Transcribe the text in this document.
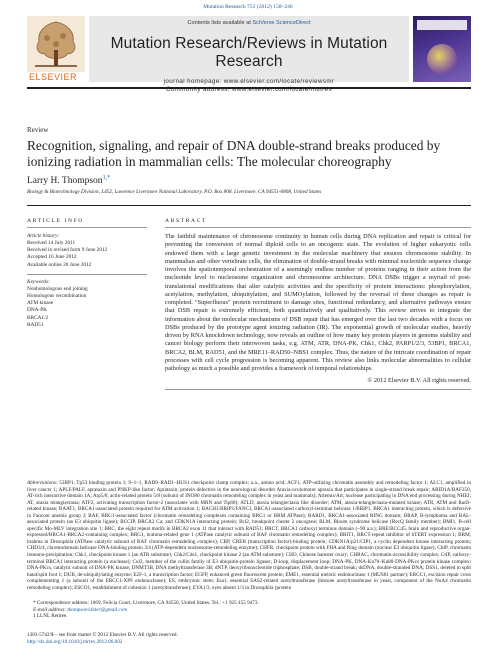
Mutation Research 751 (2012) 158–246
ELSEVIER
Contents lists available at SciVerse ScienceDirect
Mutation Research/Reviews in Mutation Research
journal homepage: www.elsevier.com/locate/reviewsmr
Community address: www.elsevier.com/locate/mutres
Review
Recognition, signaling, and repair of DNA double-strand breaks produced by ionizing radiation in mammalian cells: The molecular choreography
Larry H. Thompson$^{1,*}$
Biology & Biotechnology Division, L452, Lawrence Livermore National Laboratory, P.O. Box 808, Livermore, CA 94551-0808, United States
ARTICLE INFO
Article history:
Received 14 July 2011
Received in revised form 9 June 2012
Accepted 16 June 2012
Available online 26 June 2012
Keywords:
Nonhomologous end joining
Homologous recombination
ATM kinase
DNA-PK
BRCA1/2
RAD51
ABSTRACT
The faithful maintenance of chromosome continuity in human cells during DNA replication and repair is critical for preventing the conversion of normal diploid cells to an oncogenic state. The evolution of higher eukaryotic cells endowed them with a large genetic investment in the molecular machinery that ensures chromosome stability. In mammalian and other vertebrate cells, the elimination of double-strand breaks with minimal nucleotide sequence change involves the spatiotemporal orchestration of a seemingly endless number of proteins ranging in their action from the nucleotide level to nucleosome organization and chromosome architecture. DNA DSBs trigger a myriad of post-translational modifications that alter catalytic activities and the specificity of protein interactions: phosphorylation, acetylation, methylation, ubiquitylation, and SUMOylation, followed by the reversal of these changes as repair is completed. "Superfluous" protein recruitment to damage sites, functional redundancy, and alternative pathways ensure that DSB repair is extremely efficient, both quantitatively and qualitatively. This review strives to integrate the information about the molecular mechanisms of DSB repair that has emerged over the last two decades with a focus on DSBs produced by the prototype agent ionizing radiation (IR). The exponential growth of molecular studies, heavily driven by RNA knockdown technology, now reveals an outline of how many key protein players in genome stability and cancer biology perform their interwoven tasks, e.g. ATM, ATR, DNA-PK, Chk1, Chk2, PARP1/2/3, 53BP1, BRCA1, BRCA2, BLM, RAD51, and the MRE11–RAD50–NBS1 complex. Thus, the nature of the intricate coordination of repair processes with cell cycle progression is becoming apparent. This review also links molecular abnormalities to cellular pathology as much a possible and provides a framework of temporal relationships.
© 2012 Elsevier B.V. All rights reserved.
Abbreviations: 53BP1, Tp53 binding protein 1; 9–1–1, RAD9–RAD1–HUS1 checkpoint clamp complex; a.a., amino acid; ACF1, ATP-utilizing chromatin assembly and remodeling factor 1; ALC1, amplified in liver cancer 1; APLF/PALF, aprataxin and PNKP-like factor; Aprataxin, protein defective in the neurological disorder Ataxia-oculomotor apraxia that participates in single-strand break repair; ARID1A/BAF250, AT-rich interactive domain 1A; Arp5/8, actin-related protein 5/8 (subunit of INO80 chromatin remodeling complex in yeast and mammals); Artemis/Art, nuclease participating in DNA end processing during NHEJ; AT, ataxia telangiectasia; ATF2, activating transcription factor-2 (associates with MRN and Tip60); ATLD, ataxia telangiectasia like disorder; ATM, ataxia-telangiectasia-mutated kinase; ATR, ATM and Rad3-related kinase; BAAT1, BRCA1-associated protein required for ATM activation 1; BACH1/BRIP1/FANCJ, BRCA1-associated carboxyl-terminal helicase 1/BRIP1, BRCA1 interacting protein, which is defective in Fanconi anemia group J; BAF, BRG1-associated factor (chromatin remodeling complexes containing BRG1 or BRM ATPase); BARD1, BRCA1-associated RING domain; BRAP, B-lymphoma and BAL-associated protein (an E3 ubiquitin ligase); BCCIP, BRCA2 Ca; and CDKN1A interacting protein; Bcl2, breakpoint cluster 2 oncogene; BLM, Bloom syndrome helicase (RecQ family member); BMI1, B-cell specific Mo-MLV integration site 1; BRC, the eight repeat motifs in BRCA2 exon 11 that interact with RAD51; BRCT, BRCA1 carboxyl terminus domain (~90 a.a.); BRE/BCC45, brain and reproductive organ-expressed/BRCA1-BRCA2-containing complex; BRG1, brahma-related gene 1 (ATPase catalytic subunit of BAF chromatin remodeling complex); BRIT1, BRCT-repeat inhibitor of hTERT expression 1; BRM, brahma in Drosophila (ATPase catalytic subunit of BAF chromatin remodeling complex); CBP, CREB (transcription factor)-binding protein; CDKN1A/p21/CIP1, a cyclin dependent kinase interacting protein; CHD3/4, chromodomain helicase DNA-binding protein 3/4 (ATP-dependent nucleosome-remodeling enzyme); CHFR, checkpoint protein with FHA and Ring domain (nuclear E3 ubiquitin ligase); ChIP, chromatin immuno-precipitation; Chk1, checkpoint kinase 1 (an ATR substrate); Chk2/Cds1, checkpoint kinase 2 (an ATM substrate); CHO, Chinese hamster ovary; CHRAC, chromatin-accessibility complex; CtIP, carboxy-terminal BRCA1 interacting protein (a nuclease); Cul3, member of the cullin family of E3 ubiquitin-protein ligases; D-loop, displacement loop; DNA-PK, DNA-Ku70–Ku80-DNA-PKcs protein kinase complex; DNA-PKcs, catalytic subunit of DNA-PK kinase; DNMT3B, DNA methyltransferase 3B; dNTP, deoxyribonucleotide triphosphate; DSB, double-strand break; dsDNA, double-stranded DNA; DSS1, deleted in split hand/split foot 1; DUB, de-ubiquitylating enzyme; E2F-1, a transcription factor; EGFP, enhanced green fluorescent protein; EME1, essential meiotic endonuclease 1 (MUS81 partner); ERCC1, excision repair cross complementing 1 (a subunit of the ERCC1-XPF endonuclease); ES, embryonic stem; Esa1, essential SAS2-related acetyltransferase (histone acetyltransferase in yeast, component of the NuA4 chromatin remodeling complex); ESCO1, establishment of cohesion 1 (acetyltransferase); EYA1/3, eyes absent 1/3 in Drosophila (protein
* Correspondence address: 1069, Felicia Court, Livermore, CA 94550, United States. Tel.: +1 925 455 9473.
E-mail address: thompson14ster@gmail.com
1 LLNL Retiree.
1383-5742/$ – see front matter © 2012 Elsevier B.V. All rights reserved.
http://dx.doi.org/10.1016/j.mrrev.2012.06.002
